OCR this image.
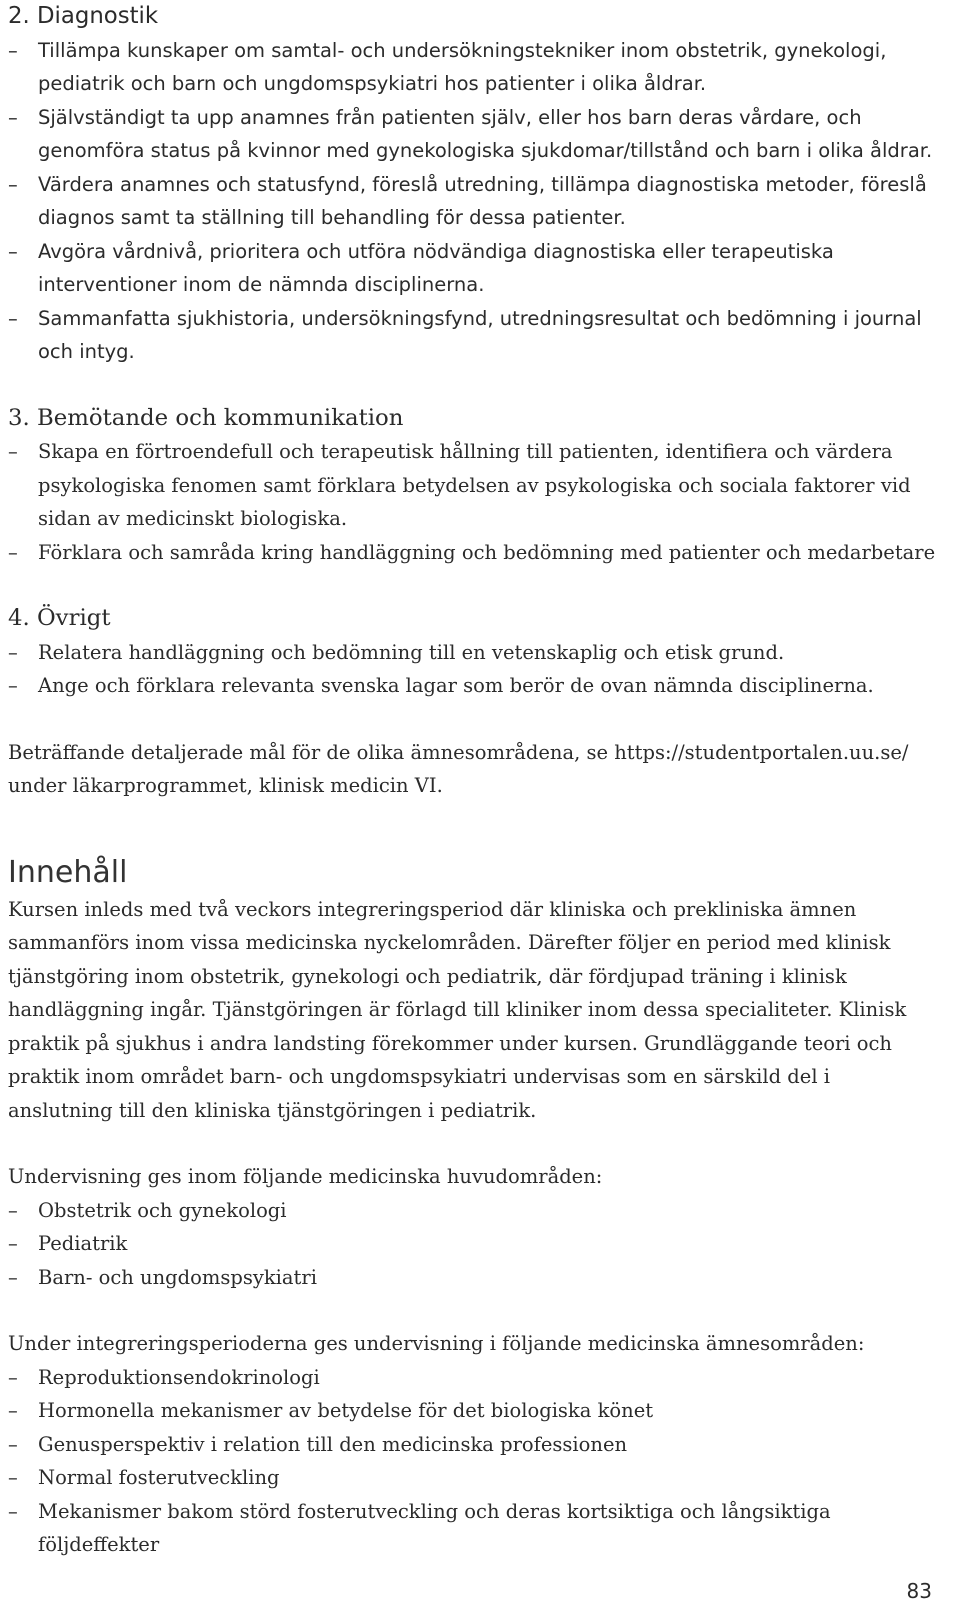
2. Diagnostik
– Tillämpa kunskaper om samtal- och undersökningstekniker inom obstetrik, gynekologi, pediatrik och barn och ungdomspsykiatri hos patienter i olika åldrar.
– Självständigt ta upp anamnes från patienten själv, eller hos barn deras vårdare, och genomföra status på kvinnor med gynekologiska sjukdomar/tillstånd och barn i olika åldrar.
– Värdera anamnes och statusfynd, föreslå utredning, tillämpa diagnostiska metoder, föreslå diagnos samt ta ställning till behandling för dessa patienter.
– Avgöra vårdnivå, prioritera och utföra nödvändiga diagnostiska eller terapeutiska interventioner inom de nämnda disciplinerna.
– Sammanfatta sjukhistoria, undersökningsfynd, utredningsresultat och bedömning i journal och intyg.
3. Bemötande och kommunikation
– Skapa en förtroendefull och terapeutisk hållning till patienten, identifiera och värdera psykologiska fenomen samt förklara betydelsen av psykologiska och sociala faktorer vid sidan av medicinskt biologiska.
– Förklara och samråda kring handläggning och bedömning med patienter och medarbetare
4. Övrigt
– Relatera handläggning och bedömning till en vetenskaplig och etisk grund.
– Ange och förklara relevanta svenska lagar som berör de ovan nämnda disciplinerna.

Beträffande detaljerade mål för de olika ämnesområdena, se https://studentportalen.uu.se/ under läkarprogrammet, klinisk medicin VI.

Innehåll

Kursen inleds med två veckors integreringsperiod där kliniska och prekliniska ämnen sammanförs inom vissa medicinska nyckelområden. Därefter följer en period med klinisk tjänstgöring inom obstetrik, gynekologi och pediatrik, där fördjupad träning i klinisk handläggning ingår. Tjänstgöringen är förlagd till kliniker inom dessa specialiteter. Klinisk praktik på sjukhus i andra landsting förekommer under kursen. Grundläggande teori och praktik inom området barn- och ungdomspsykiatri undervisas som en särskild del i anslutning till den kliniska tjänstgöringen i pediatrik.

Undervisning ges inom följande medicinska huvudområden:

– Obstetrik och gynekologi
– Pediatrik
– Barn- och ungdomspsykiatri

Under integreringsperioderna ges undervisning i följande medicinska ämnesområden:

– Reproduktionsendokrinologi
– Hormonella mekanismer av betydelse för det biologiska könet
– Genusperspektiv i relation till den medicinska professionen
– Normal fosterutveckling
– Mekanismer bakom störd fosterutveckling och deras kortsiktiga och långsiktiga följdeffekter
83
